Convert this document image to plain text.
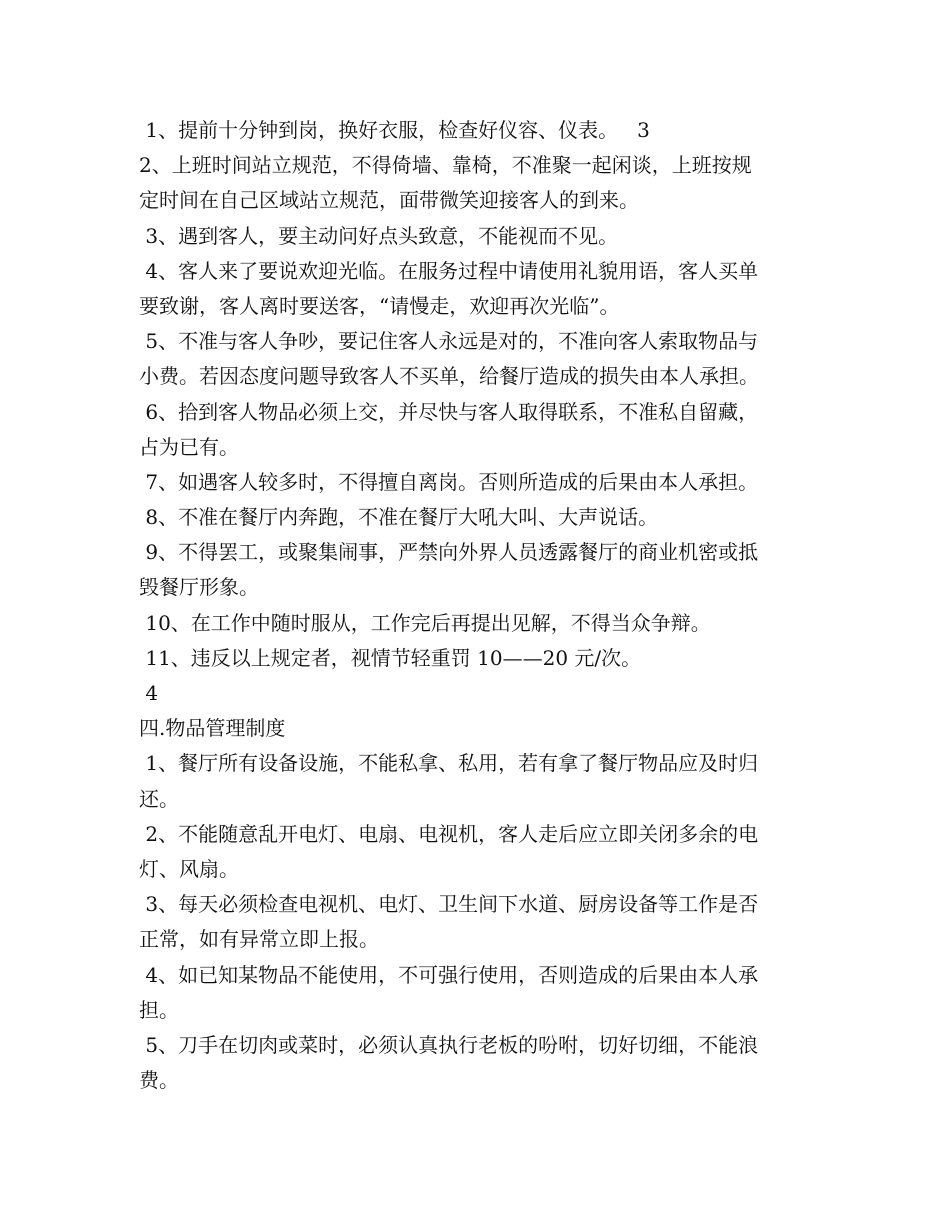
1、提前十分钟到岗，换好衣服，检查好仪容、仪表。   3
2、上班时间站立规范，不得倚墙、靠椅，不准聚一起闲谈，上班按规
定时间在自己区域站立规范，面带微笑迎接客人的到来。
3、遇到客人，要主动问好点头致意，不能视而不见。
4、客人来了要说欢迎光临。在服务过程中请使用礼貌用语，客人买单
要致谢，客人离时要送客，“请慢走，欢迎再次光临”。
5、不准与客人争吵，要记住客人永远是对的，不准向客人索取物品与
小费。若因态度问题导致客人不买单，给餐厅造成的损失由本人承担。
6、拾到客人物品必须上交，并尽快与客人取得联系，不准私自留藏，
占为已有。
7、如遇客人较多时，不得擅自离岗。否则所造成的后果由本人承担。
8、不准在餐厅内奔跑，不准在餐厅大吼大叫、大声说话。
9、不得罢工，或聚集闹事，严禁向外界人员透露餐厅的商业机密或抵
毁餐厅形象。
10、在工作中随时服从，工作完后再提出见解，不得当众争辩。
11、违反以上规定者，视情节轻重罚 10——20 元/次。
4
四.物品管理制度
1、餐厅所有设备设施，不能私拿、私用，若有拿了餐厅物品应及时归
还。
2、不能随意乱开电灯、电扇、电视机，客人走后应立即关闭多余的电
灯、风扇。
3、每天必须检查电视机、电灯、卫生间下水道、厨房设备等工作是否
正常，如有异常立即上报。
4、如已知某物品不能使用，不可强行使用，否则造成的后果由本人承
担。
5、刀手在切肉或菜时，必须认真执行老板的吩咐，切好切细，不能浪
费。
